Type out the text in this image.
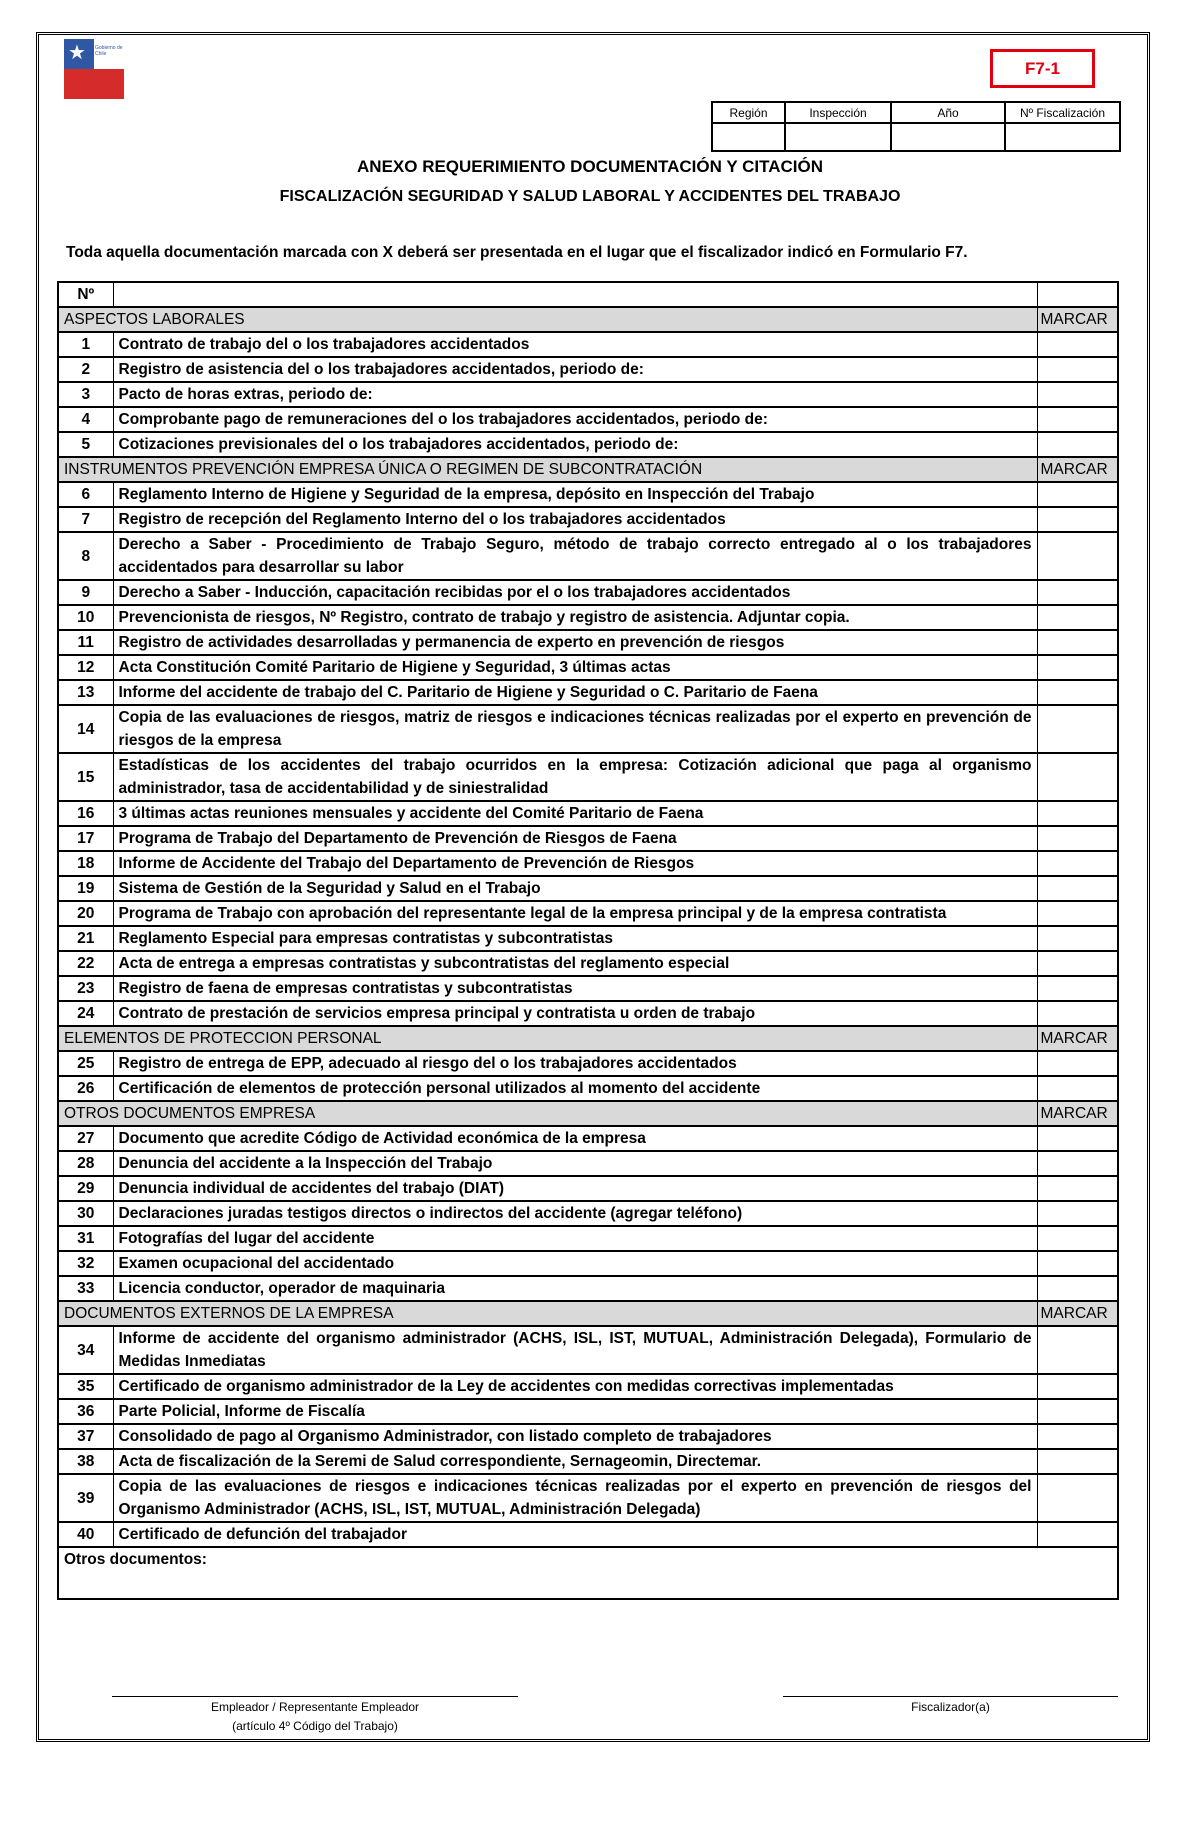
★ Gobierno de Chile
F7-1
Región	Inspección	Año	Nº Fiscalización

ANEXO REQUERIMIENTO DOCUMENTACIÓN Y CITACIÓN
FISCALIZACIÓN SEGURIDAD Y SALUD LABORAL Y ACCIDENTES DEL TRABAJO
Toda aquella documentación marcada con X deberá ser presentada en el lugar que el fiscalizador indicó en Formulario F7.
Nº		
ASPECTOS LABORALES		MARCAR
1	Contrato de trabajo del o los trabajadores accidentados	
2	Registro de asistencia del o los trabajadores accidentados, periodo de:	
3	Pacto de horas extras, periodo de:	
4	Comprobante pago de remuneraciones del o los trabajadores accidentados, periodo de:	
5	Cotizaciones previsionales del o los trabajadores accidentados, periodo de:	
INSTRUMENTOS PREVENCIÓN EMPRESA ÚNICA O REGIMEN DE SUBCONTRATACIÓN		MARCAR
6	Reglamento Interno de Higiene y Seguridad de la empresa, depósito en Inspección del Trabajo	
7	Registro de recepción del Reglamento Interno del o los trabajadores accidentados	
8	Derecho a Saber - Procedimiento de Trabajo Seguro, método de trabajo correcto entregado al o los trabajadores accidentados para desarrollar su labor	
9	Derecho a Saber - Inducción, capacitación recibidas por el o los trabajadores accidentados	
10	Prevencionista de riesgos, Nº Registro, contrato de trabajo y registro de asistencia. Adjuntar copia.	
11	Registro de actividades desarrolladas y permanencia de experto en prevención de riesgos	
12	Acta Constitución Comité Paritario de Higiene y Seguridad, 3 últimas actas	
13	Informe del accidente de trabajo del C. Paritario de Higiene y Seguridad o C. Paritario de Faena	
14	Copia de las evaluaciones de riesgos, matriz de riesgos e indicaciones técnicas realizadas por el experto en prevención de riesgos de la empresa	
15	Estadísticas de los accidentes del trabajo ocurridos en la empresa: Cotización adicional que paga al organismo administrador, tasa de accidentabilidad y de siniestralidad	
16	3 últimas actas reuniones mensuales y accidente del Comité Paritario de Faena	
17	Programa de Trabajo del Departamento de Prevención de Riesgos de Faena	
18	Informe de Accidente del Trabajo del Departamento de Prevención de Riesgos	
19	Sistema de Gestión de la Seguridad y Salud en el Trabajo	
20	Programa de Trabajo con aprobación del representante legal de la empresa principal y de la empresa contratista	
21	Reglamento Especial para empresas contratistas y subcontratistas	
22	Acta de entrega a empresas contratistas y subcontratistas del reglamento especial	
23	Registro de faena de empresas contratistas y subcontratistas	
24	Contrato de prestación de servicios empresa principal y contratista u orden de trabajo	
ELEMENTOS DE PROTECCION PERSONAL		MARCAR
25	Registro de entrega de EPP, adecuado al riesgo del o los trabajadores accidentados	
26	Certificación de elementos de protección personal utilizados al momento del accidente	
OTROS DOCUMENTOS EMPRESA		MARCAR
27	Documento que acredite Código de Actividad económica de la empresa	
28	Denuncia del accidente a la Inspección del Trabajo	
29	Denuncia individual de accidentes del trabajo (DIAT)	
30	Declaraciones juradas testigos directos o indirectos del accidente (agregar teléfono)	
31	Fotografías del lugar del accidente	
32	Examen ocupacional del accidentado	
33	Licencia conductor, operador de maquinaria	
DOCUMENTOS EXTERNOS DE LA EMPRESA		MARCAR
34	Informe de accidente del organismo administrador (ACHS, ISL, IST, MUTUAL, Administración Delegada), Formulario de Medidas Inmediatas	
35	Certificado de organismo administrador de la Ley de accidentes con medidas correctivas implementadas	
36	Parte Policial, Informe de Fiscalía	
37	Consolidado de pago al Organismo Administrador, con listado completo de trabajadores	
38	Acta de fiscalización de la Seremi de Salud correspondiente, Sernageomin, Directemar.	
39	Copia de las evaluaciones de riesgos e indicaciones técnicas realizadas por el experto en prevención de riesgos del Organismo Administrador (ACHS, ISL, IST, MUTUAL, Administración Delegada)	
40	Certificado de defunción del trabajador	
Otros documentos:		
Empleador / Representante Empleador
(artículo 4º Código del Trabajo)
Fiscalizador(a)
